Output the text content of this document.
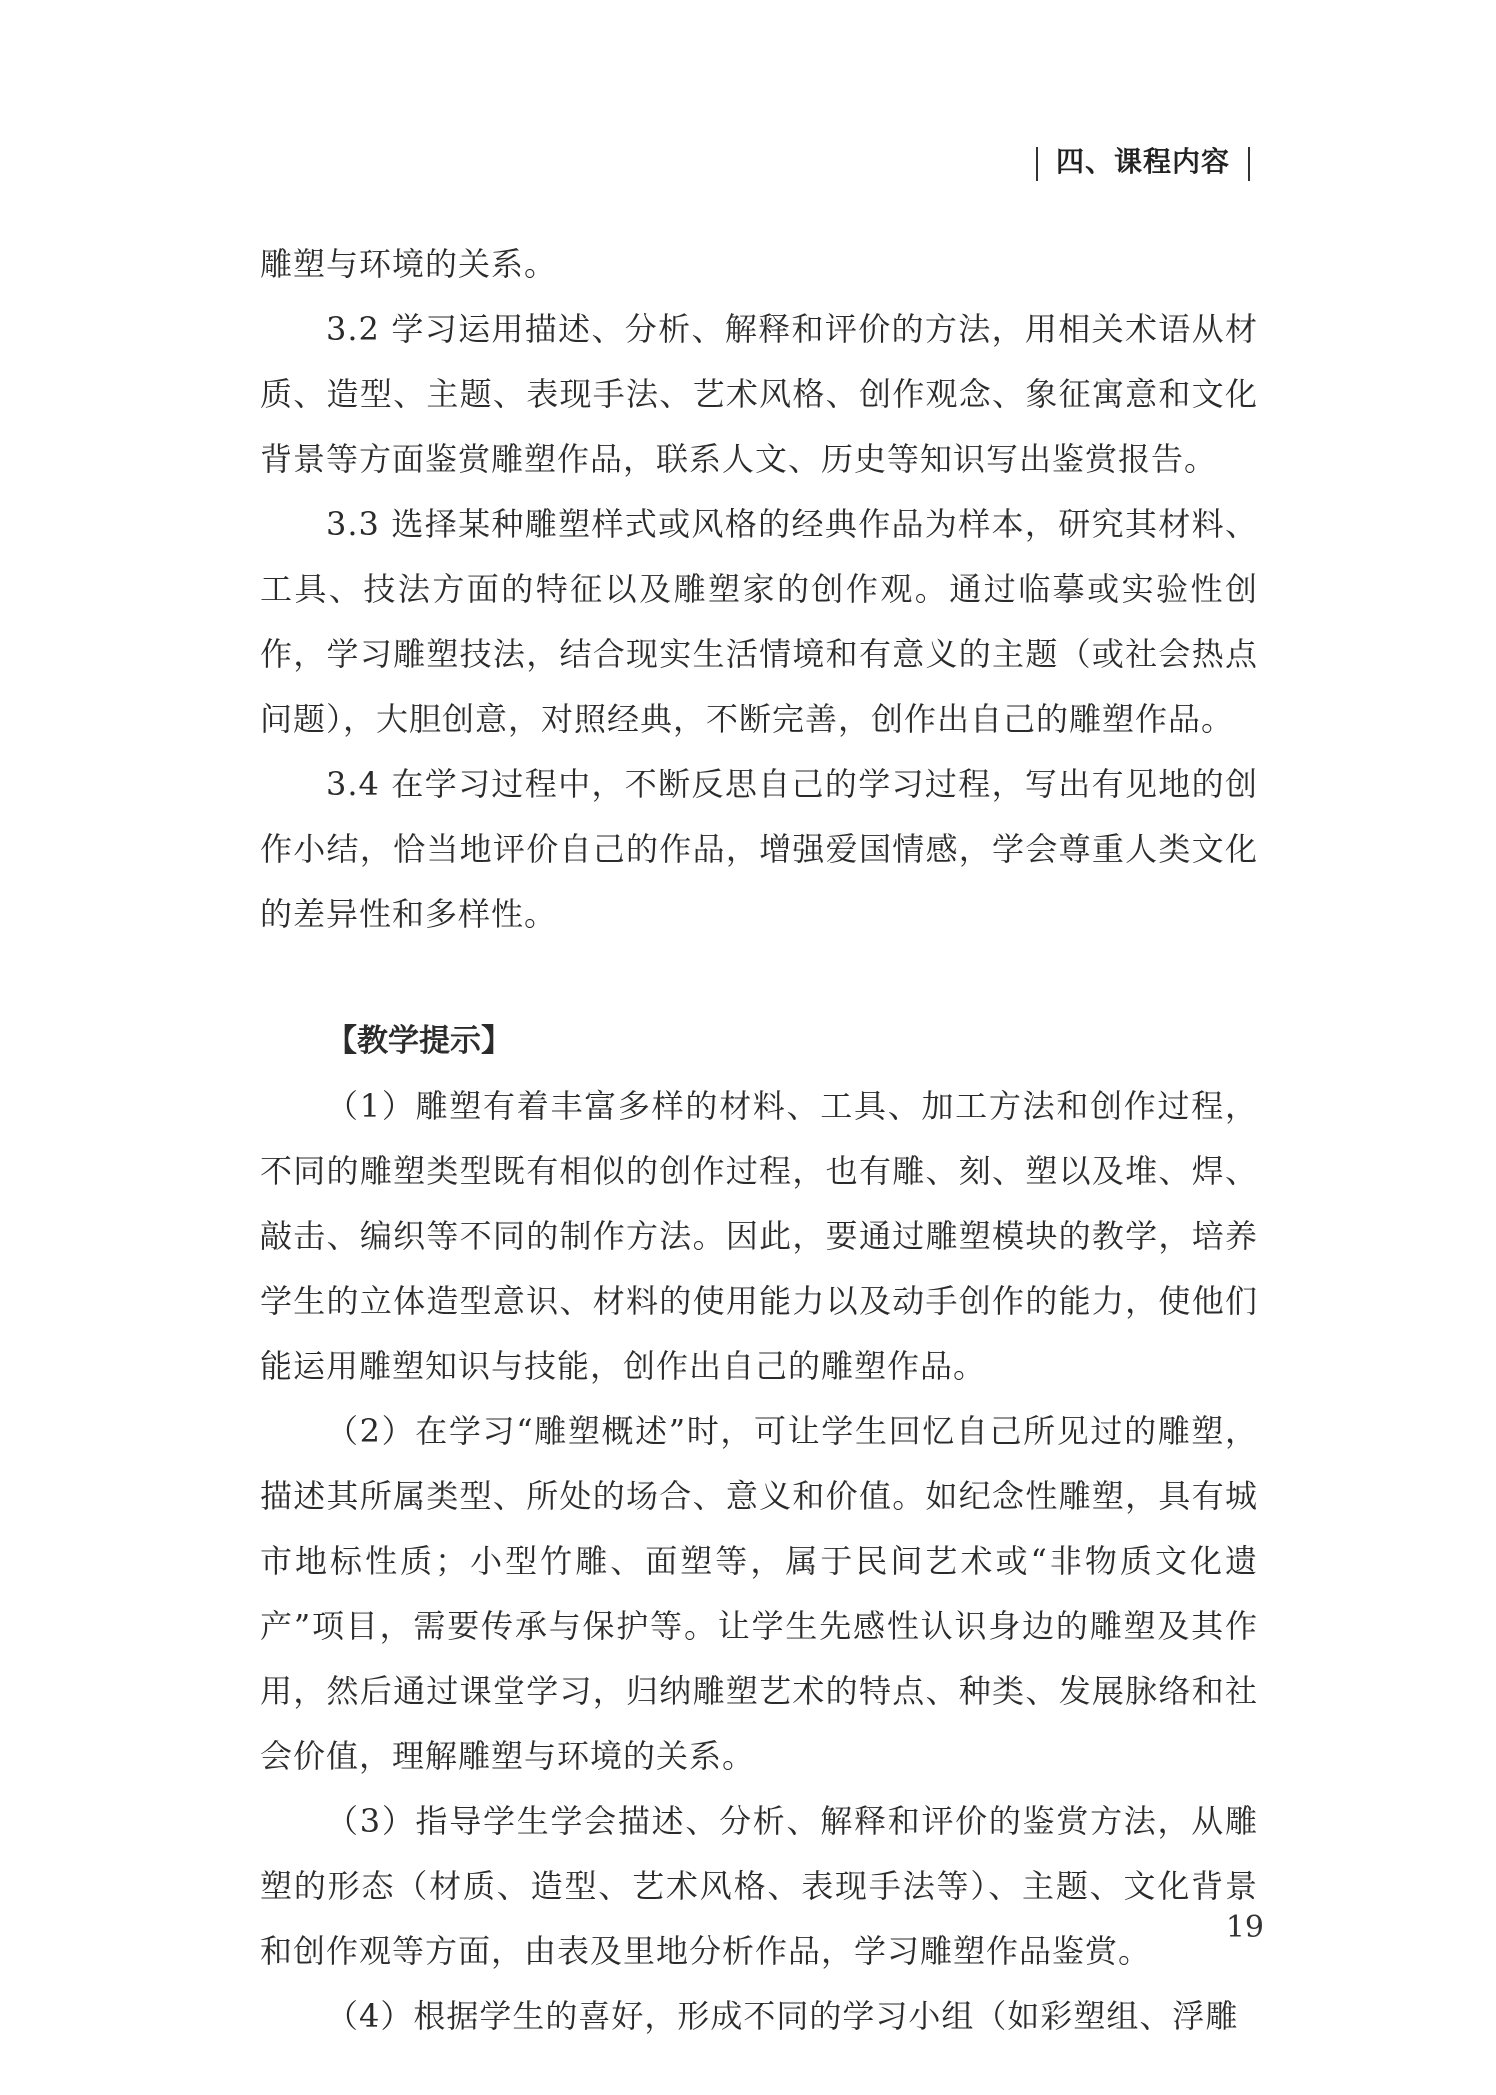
四、课程内容

雕塑与环境的关系。

3.2 学习运用描述、分析、解释和评价的方法，用相关术语从材质、造型、主题、表现手法、艺术风格、创作观念、象征寓意和文化背景等方面鉴赏雕塑作品，联系人文、历史等知识写出鉴赏报告。

3.3 选择某种雕塑样式或风格的经典作品为样本，研究其材料、工具、技法方面的特征以及雕塑家的创作观。通过临摹或实验性创作，学习雕塑技法，结合现实生活情境和有意义的主题（或社会热点问题），大胆创意，对照经典，不断完善，创作出自己的雕塑作品。

3.4 在学习过程中，不断反思自己的学习过程，写出有见地的创作小结，恰当地评价自己的作品，增强爱国情感，学会尊重人类文化的差异性和多样性。

【教学提示】

（1）雕塑有着丰富多样的材料、工具、加工方法和创作过程，不同的雕塑类型既有相似的创作过程，也有雕、刻、塑以及堆、焊、敲击、编织等不同的制作方法。因此，要通过雕塑模块的教学，培养学生的立体造型意识、材料的使用能力以及动手创作的能力，使他们能运用雕塑知识与技能，创作出自己的雕塑作品。

（2）在学习“雕塑概述”时，可让学生回忆自己所见过的雕塑，描述其所属类型、所处的场合、意义和价值。如纪念性雕塑，具有城市地标性质；小型竹雕、面塑等，属于民间艺术或“非物质文化遗产”项目，需要传承与保护等。让学生先感性认识身边的雕塑及其作用，然后通过课堂学习，归纳雕塑艺术的特点、种类、发展脉络和社会价值，理解雕塑与环境的关系。

（3）指导学生学会描述、分析、解释和评价的鉴赏方法，从雕塑的形态（材质、造型、艺术风格、表现手法等）、主题、文化背景和创作观等方面，由表及里地分析作品，学习雕塑作品鉴赏。

（4）根据学生的喜好，形成不同的学习小组（如彩塑组、浮雕

19
